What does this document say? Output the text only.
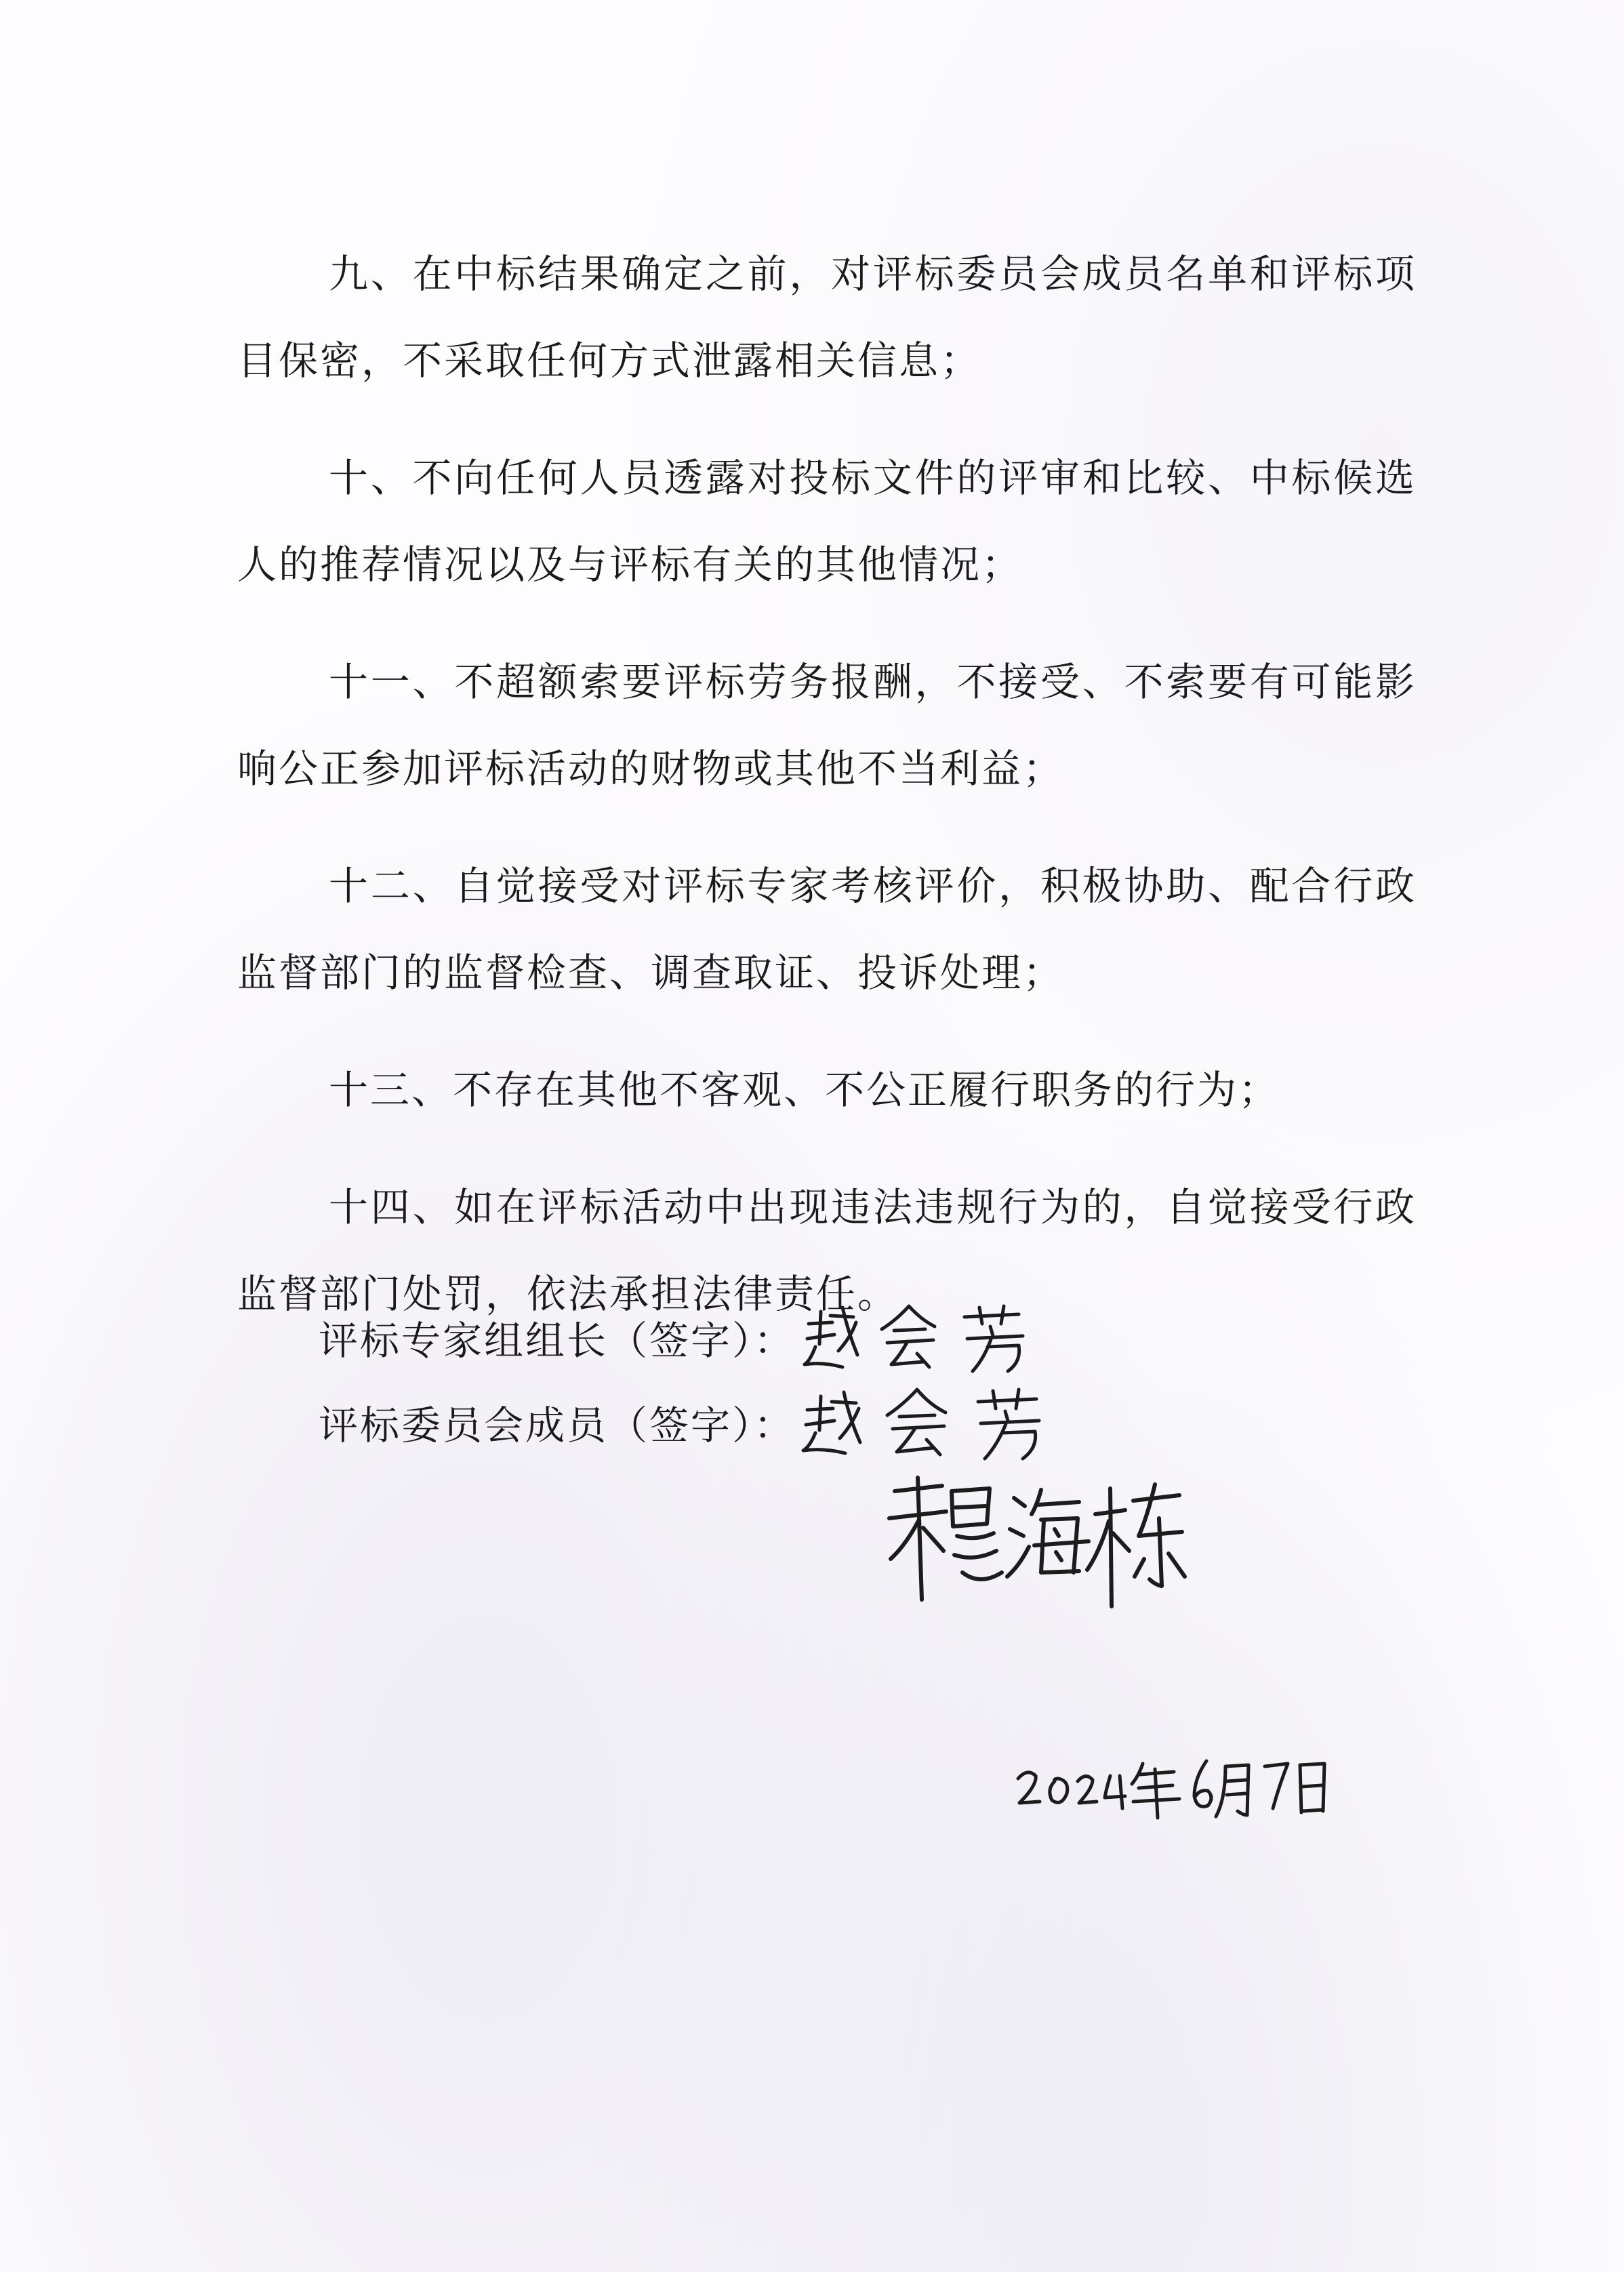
九、在中标结果确定之前，对评标委员会成员名单和评标项目保密，不采取任何方式泄露相关信息；

十、不向任何人员透露对投标文件的评审和比较、中标候选人的推荐情况以及与评标有关的其他情况；

十一、不超额索要评标劳务报酬，不接受、不索要有可能影响公正参加评标活动的财物或其他不当利益；

十二、自觉接受对评标专家考核评价，积极协助、配合行政监督部门的监督检查、调查取证、投诉处理；

十三、不存在其他不客观、不公正履行职务的行为；

十四、如在评标活动中出现违法违规行为的，自觉接受行政监督部门处罚，依法承担法律责任。

评标专家组组长（签字）：
评标委员会成员（签字）：
